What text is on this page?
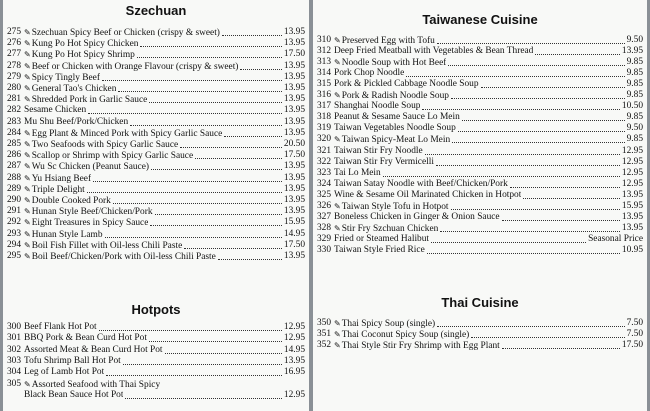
Szechuan
275 ✎Szechuan Spicy Beef or Chicken (crispy & sweet)	13.95
276 ✎Kung Po Hot Spicy Chicken	13.95
277 ✎Kung Po Hot Spicy Shrimp	17.50
278 ✎Beef or Chicken with Orange Flavour (crispy & sweet)	13.95
279 ✎Spicy Tingly Beef	13.95
280 ✎General Tao's Chicken	13.95
281 ✎Shredded Pork in Garlic Sauce	13.95
282 Sesame Chicken	13.95
283 Mu Shu Beef/Pork/Chicken	13.95
284 ✎Egg Plant & Minced Pork with Spicy Garlic Sauce	13.95
285 ✎Two Seafoods with Spicy Garlic Sauce	20.50
286 ✎Scallop or Shrimp with Spicy Garlic Sauce	17.50
287 ✎Wu Sc Chicken (Peanut Sauce)	13.95
288 ✎Yu Hsiang Beef	13.95
289 ✎Triple Delight	13.95
290 ✎Double Cooked Pork	13.95
291 ✎Hunan Style Beef/Chicken/Pork	13.95
292 ✎Eight Treasures in Spicy Sauce	15.95
293 ✎Hunan Style Lamb	14.95
294 ✎Boil Fish Fillet with Oil-less Chili Paste	17.50
295 ✎Boil Beef/Chicken/Pork with Oil-less Chili Paste	13.95
Hotpots
300 Beef Flank Hot Pot	12.95
301 BBQ Pork & Bean Curd Hot Pot	12.95
302 Assorted Meat & Bean Curd Hot Pot	14.95
303 Tofu Shrimp Ball Hot Pot	13.95
304 Leg of Lamb Hot Pot	16.95
305 ✎Assorted Seafood with Thai Spicy
Black Bean Sauce Hot Pot	12.95
Taiwanese Cuisine
310 ✎Preserved Egg with Tofu	9.50
312 Deep Fried Meatball with Vegetables & Bean Thread	13.95
313 ✎Noodle Soup with Hot Beef	9.85
314 Pork Chop Noodle	9.85
315 Pork & Pickled Cabbage Noodle Soup	9.85
316 ✎Pork & Radish Noodle Soup	9.85
317 Shanghai Noodle Soup	10.50
318 Peanut & Sesame Sauce Lo Mein	9.85
319 Taiwan Vegetables Noodle Soup	9.50
320 ✎Taiwan Spicy-Meat Lo Mein	9.85
321 Taiwan Stir Fry Noodle	12.95
322 Taiwan Stir Fry Vermicelli	12.95
323 Tai Lo Mein	12.95
324 Taiwan Satay Noodle with Beef/Chicken/Pork	12.95
325 Wine & Sesame Oil Marinated Chicken in Hotpot	13.95
326 ✎Taiwan Style Tofu in Hotpot	15.95
327 Boneless Chicken in Ginger & Onion Sauce	13.95
328 ✎Stir Fry Szchuan Chicken	13.95
329 Fried or Steamed Halibut	Seasonal Price
330 Taiwan Style Fried Rice	10.95
Thai Cuisine
350 ✎Thai Spicy Soup (single)	7.50
351 ✎Thai Coconut Spicy Soup (single)	7.50
352 ✎Thai Style Stir Fry Shrimp with Egg Plant	17.50
